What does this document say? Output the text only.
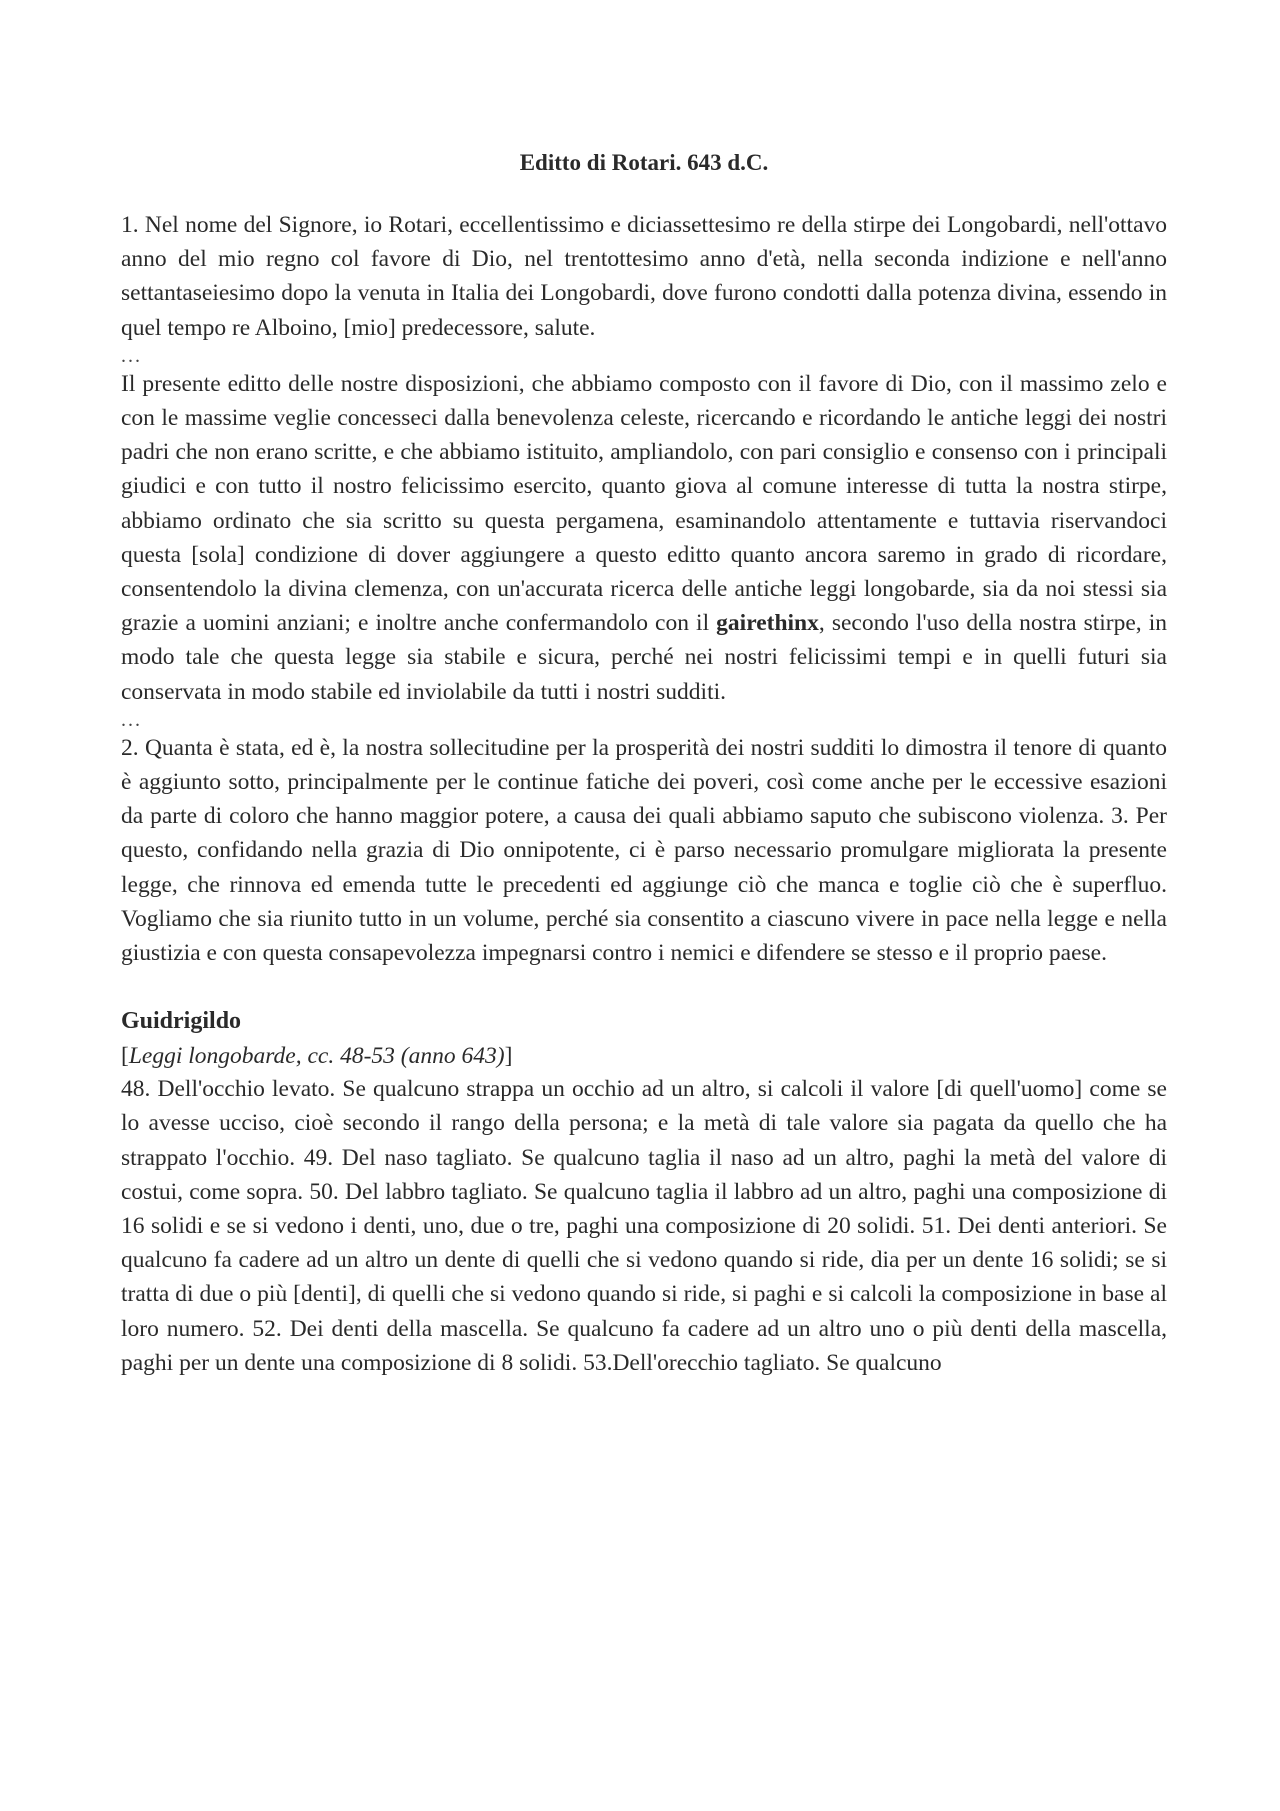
Editto di Rotari. 643 d.C.

1. Nel nome del Signore, io Rotari, eccellentissimo e diciassettesimo re della stirpe dei Longobardi, nell'ottavo anno del mio regno col favore di Dio, nel trentottesimo anno d'età, nella seconda indizione e nell'anno settantaseiesimo dopo la venuta in Italia dei Longobardi, dove furono condotti dalla potenza divina, essendo in quel tempo re Alboino, [mio] predecessore, salute.

...

Il presente editto delle nostre disposizioni, che abbiamo composto con il favore di Dio, con il massimo zelo e con le massime veglie concesseci dalla benevolenza celeste, ricercando e ricordando le antiche leggi dei nostri padri che non erano scritte, e che abbiamo istituito, ampliandolo, con pari consiglio e consenso con i principali giudici e con tutto il nostro felicissimo esercito, quanto giova al comune interesse di tutta la nostra stirpe, abbiamo ordinato che sia scritto su questa pergamena, esaminandolo attentamente e tuttavia riservandoci questa [sola] condizione di dover aggiungere a questo editto quanto ancora saremo in grado di ricordare, consentendolo la divina clemenza, con un'accurata ricerca delle antiche leggi longobarde, sia da noi stessi sia grazie a uomini anziani; e inoltre anche confermandolo con il gairethinx, secondo l'uso della nostra stirpe, in modo tale che questa legge sia stabile e sicura, perché nei nostri felicissimi tempi e in quelli futuri sia conservata in modo stabile ed inviolabile da tutti i nostri sudditi.

...

2. Quanta è stata, ed è, la nostra sollecitudine per la prosperità dei nostri sudditi lo dimostra il tenore di quanto è aggiunto sotto, principalmente per le continue fatiche dei poveri, così come anche per le eccessive esazioni da parte di coloro che hanno maggior potere, a causa dei quali abbiamo saputo che subiscono violenza. 3. Per questo, confidando nella grazia di Dio onnipotente, ci è parso necessario promulgare migliorata la presente legge, che rinnova ed emenda tutte le precedenti ed aggiunge ciò che manca e toglie ciò che è superfluo. Vogliamo che sia riunito tutto in un volume, perché sia consentito a ciascuno vivere in pace nella legge e nella giustizia e con questa consapevolezza impegnarsi contro i nemici e difendere se stesso e il proprio paese.

Guidrigildo

[Leggi longobarde, cc. 48-53 (anno 643)]

48. Dell'occhio levato. Se qualcuno strappa un occhio ad un altro, si calcoli il valore [di quell'uomo] come se lo avesse ucciso, cioè secondo il rango della persona; e la metà di tale valore sia pagata da quello che ha strappato l'occhio. 49. Del naso tagliato. Se qualcuno taglia il naso ad un altro, paghi la metà del valore di costui, come sopra. 50. Del labbro tagliato. Se qualcuno taglia il labbro ad un altro, paghi una composizione di 16 solidi e se si vedono i denti, uno, due o tre, paghi una composizione di 20 solidi. 51. Dei denti anteriori. Se qualcuno fa cadere ad un altro un dente di quelli che si vedono quando si ride, dia per un dente 16 solidi; se si tratta di due o più [denti], di quelli che si vedono quando si ride, si paghi e si calcoli la composizione in base al loro numero. 52. Dei denti della mascella. Se qualcuno fa cadere ad un altro uno o più denti della mascella, paghi per un dente una composizione di 8 solidi. 53.Dell'orecchio tagliato. Se qualcuno
